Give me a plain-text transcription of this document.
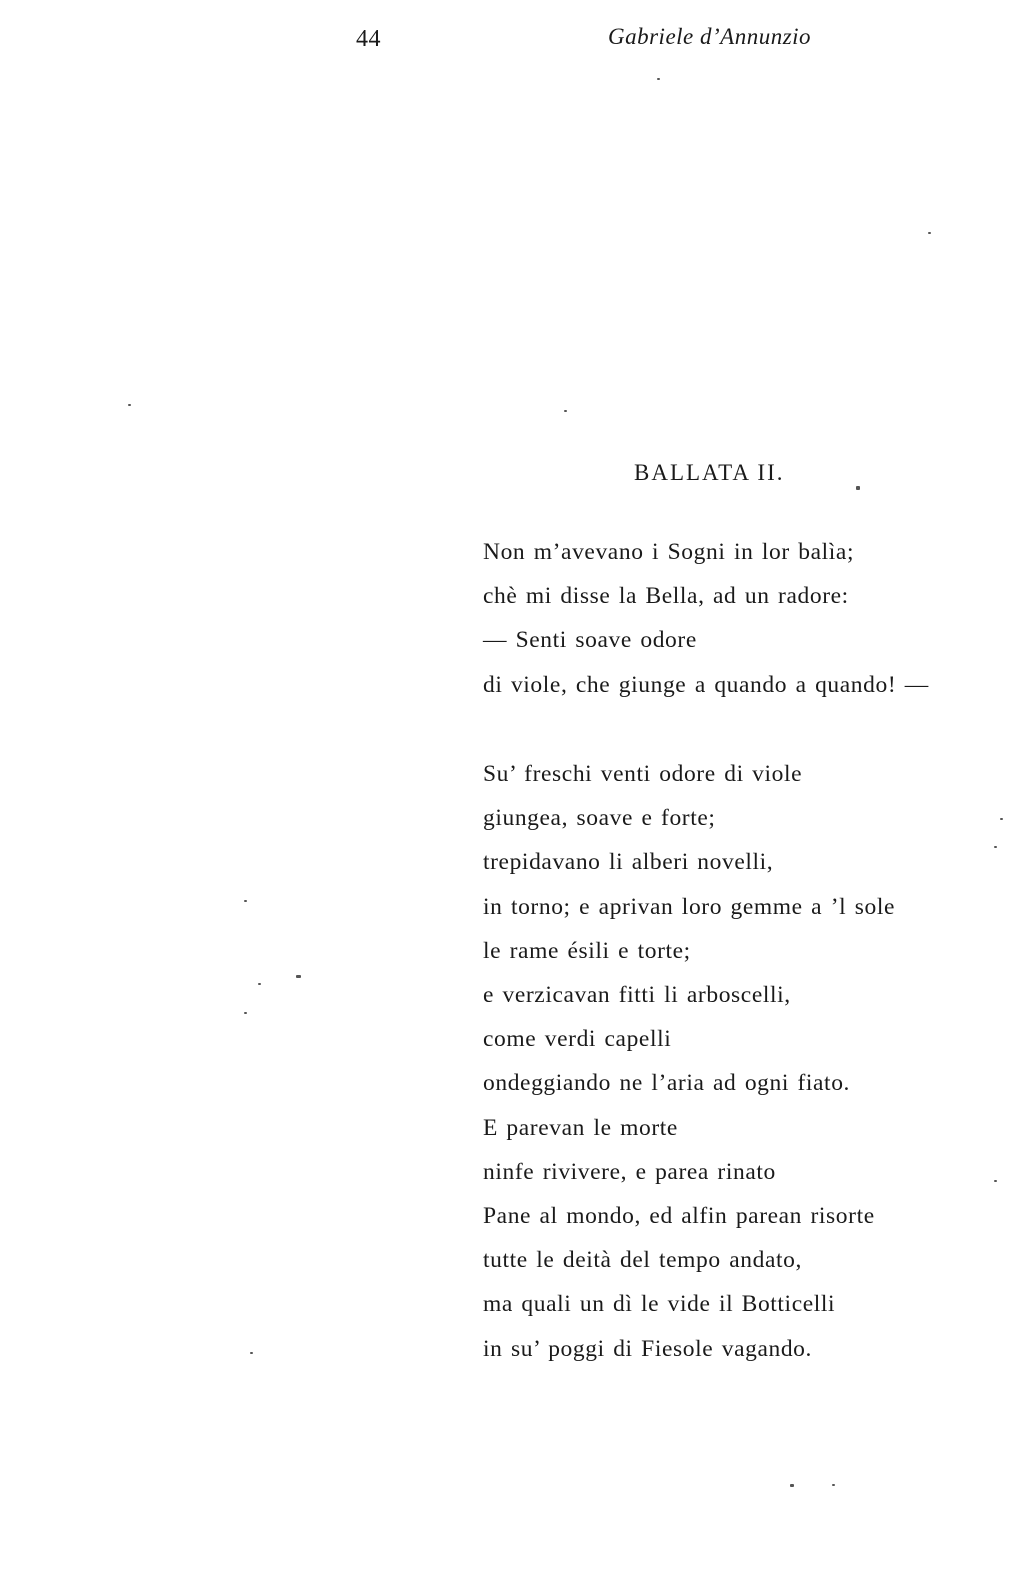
44	Gabriele d’Annunzio
BALLATA II.
Non m’avevano i Sogni in lor balìa;
chè mi disse la Bella, ad un radore:
— Senti soave odore
di viole, che giunge a quando a quando! —
Su’ freschi venti odore di viole
giungea, soave e forte;
trepidavano li alberi novelli,
in torno; e aprivan loro gemme a ’l sole
le rame ésili e torte;
e verzicavan fitti li arboscelli,
come verdi capelli
ondeggiando ne l’aria ad ogni fiato.
E parevan le morte
ninfe rivivere, e parea rinato
Pane al mondo, ed alfin parean risorte
tutte le deità del tempo andato,
ma quali un dì le vide il Botticelli
in su’ poggi di Fiesole vagando.
